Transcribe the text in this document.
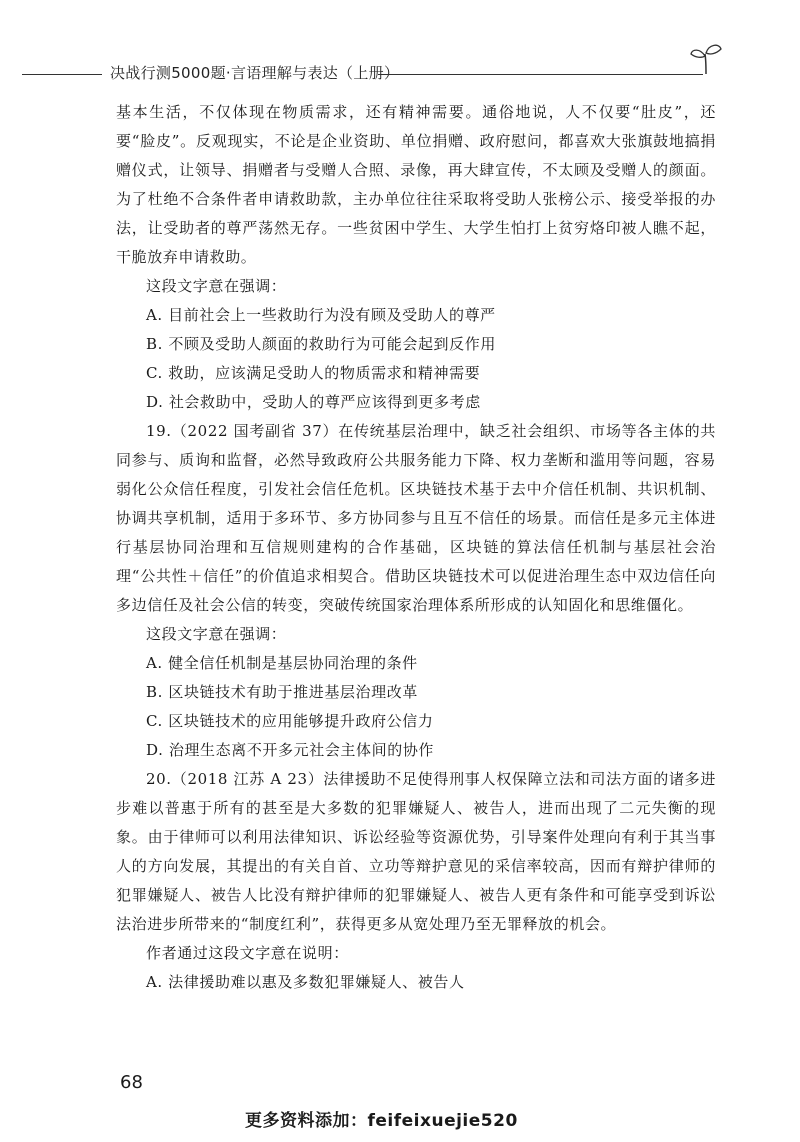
决战行测5000题·言语理解与表达（上册）

基本生活，不仅体现在物质需求，还有精神需要。通俗地说，人不仅要“肚皮”，还要“脸皮”。反观现实，不论是企业资助、单位捐赠、政府慰问，都喜欢大张旗鼓地搞捐赠仪式，让领导、捐赠者与受赠人合照、录像，再大肆宣传，不太顾及受赠人的颜面。为了杜绝不合条件者申请救助款，主办单位往往采取将受助人张榜公示、接受举报的办法，让受助者的尊严荡然无存。一些贫困中学生、大学生怕打上贫穷烙印被人瞧不起，干脆放弃申请救助。

这段文字意在强调：

A. 目前社会上一些救助行为没有顾及受助人的尊严

B. 不顾及受助人颜面的救助行为可能会起到反作用

C. 救助，应该满足受助人的物质需求和精神需要

D. 社会救助中，受助人的尊严应该得到更多考虑

19.（2022 国考副省 37）在传统基层治理中，缺乏社会组织、市场等各主体的共同参与、质询和监督，必然导致政府公共服务能力下降、权力垄断和滥用等问题，容易弱化公众信任程度，引发社会信任危机。区块链技术基于去中介信任机制、共识机制、协调共享机制，适用于多环节、多方协同参与且互不信任的场景。而信任是多元主体进行基层协同治理和互信规则建构的合作基础，区块链的算法信任机制与基层社会治理“公共性＋信任”的价值追求相契合。借助区块链技术可以促进治理生态中双边信任向多边信任及社会公信的转变，突破传统国家治理体系所形成的认知固化和思维僵化。

这段文字意在强调：

A. 健全信任机制是基层协同治理的条件

B. 区块链技术有助于推进基层治理改革

C. 区块链技术的应用能够提升政府公信力

D. 治理生态离不开多元社会主体间的协作

20.（2018 江苏 A 23）法律援助不足使得刑事人权保障立法和司法方面的诸多进步难以普惠于所有的甚至是大多数的犯罪嫌疑人、被告人，进而出现了二元失衡的现象。由于律师可以利用法律知识、诉讼经验等资源优势，引导案件处理向有利于其当事人的方向发展，其提出的有关自首、立功等辩护意见的采信率较高，因而有辩护律师的犯罪嫌疑人、被告人比没有辩护律师的犯罪嫌疑人、被告人更有条件和可能享受到诉讼法治进步所带来的“制度红利”，获得更多从宽处理乃至无罪释放的机会。

作者通过这段文字意在说明：

A. 法律援助难以惠及多数犯罪嫌疑人、被告人

68
更多资料添加：feifeixuejie520
